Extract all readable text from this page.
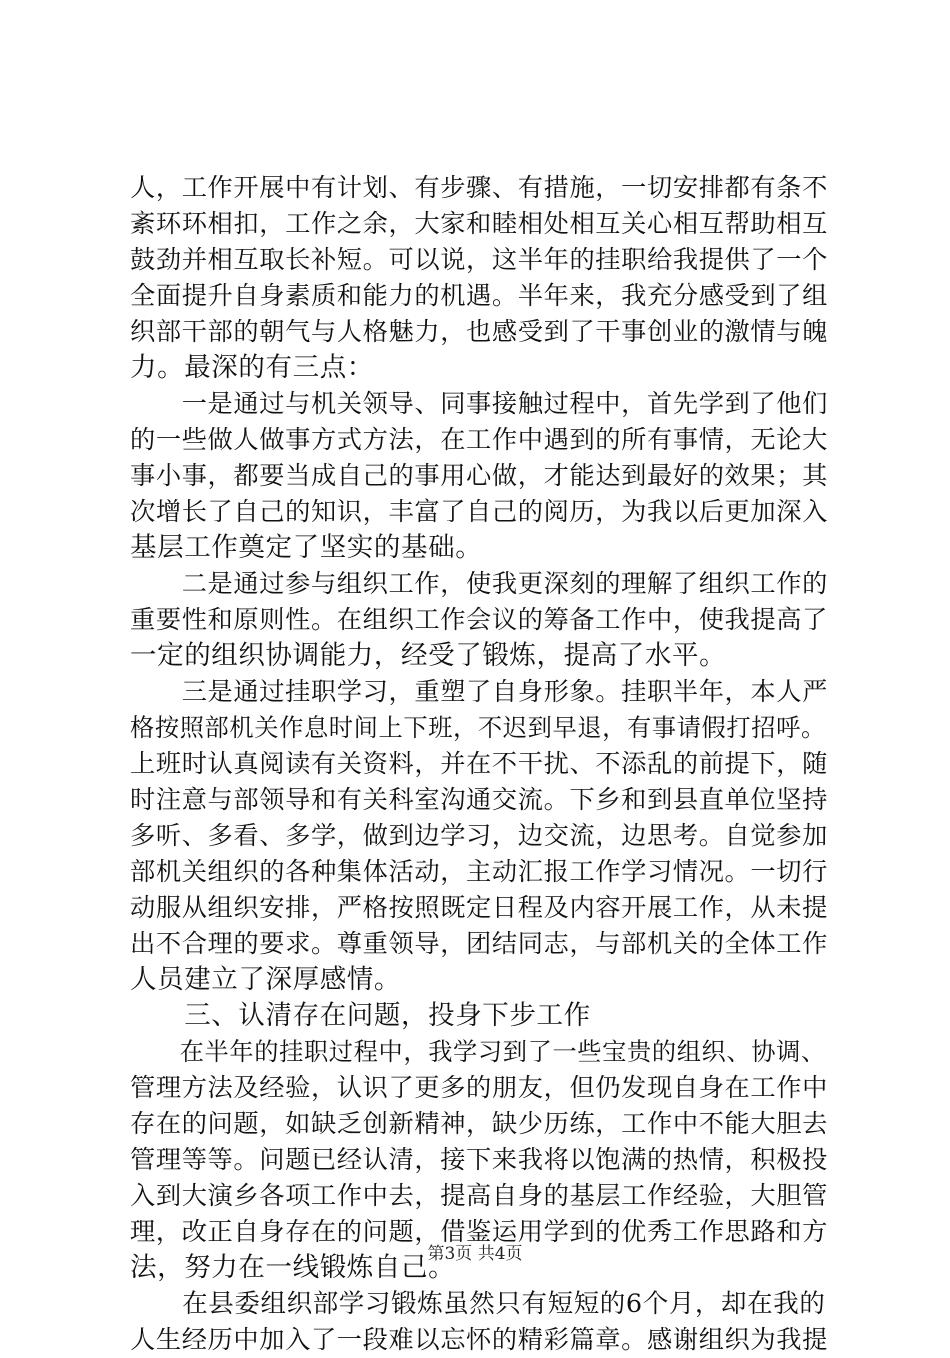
人，工作开展中有计划、有步骤、有措施，一切安排都有条不
紊环环相扣，工作之余，大家和睦相处相互关心相互帮助相互
鼓劲并相互取长补短。可以说，这半年的挂职给我提供了一个
全面提升自身素质和能力的机遇。半年来，我充分感受到了组
织部干部的朝气与人格魅力，也感受到了干事创业的激情与魄
力。最深的有三点：
　　一是通过与机关领导、同事接触过程中，首先学到了他们
的一些做人做事方式方法，在工作中遇到的所有事情，无论大
事小事，都要当成自己的事用心做，才能达到最好的效果；其
次增长了自己的知识，丰富了自己的阅历，为我以后更加深入
基层工作奠定了坚实的基础。
　　二是通过参与组织工作，使我更深刻的理解了组织工作的
重要性和原则性。在组织工作会议的筹备工作中，使我提高了
一定的组织协调能力，经受了锻炼，提高了水平。
　　三是通过挂职学习，重塑了自身形象。挂职半年，本人严
格按照部机关作息时间上下班，不迟到早退，有事请假打招呼。
上班时认真阅读有关资料，并在不干扰、不添乱的前提下，随
时注意与部领导和有关科室沟通交流。下乡和到县直单位坚持
多听、多看、多学，做到边学习，边交流，边思考。自觉参加
部机关组织的各种集体活动，主动汇报工作学习情况。一切行
动服从组织安排，严格按照既定日程及内容开展工作，从未提
出不合理的要求。尊重领导，团结同志，与部机关的全体工作
人员建立了深厚感情。
　　三、认清存在问题，投身下步工作
　　在半年的挂职过程中，我学习到了一些宝贵的组织、协调、
管理方法及经验，认识了更多的朋友，但仍发现自身在工作中
存在的问题，如缺乏创新精神，缺少历练，工作中不能大胆去
管理等等。问题已经认清，接下来我将以饱满的热情，积极投
入到大演乡各项工作中去，提高自身的基层工作经验，大胆管
理，改正自身存在的问题，借鉴运用学到的优秀工作思路和方
法，努力在一线锻炼自己。
　　在县委组织部学习锻炼虽然只有短短的6个月，却在我的
人生经历中加入了一段难以忘怀的精彩篇章。感谢组织为我提
第3页 共4页
